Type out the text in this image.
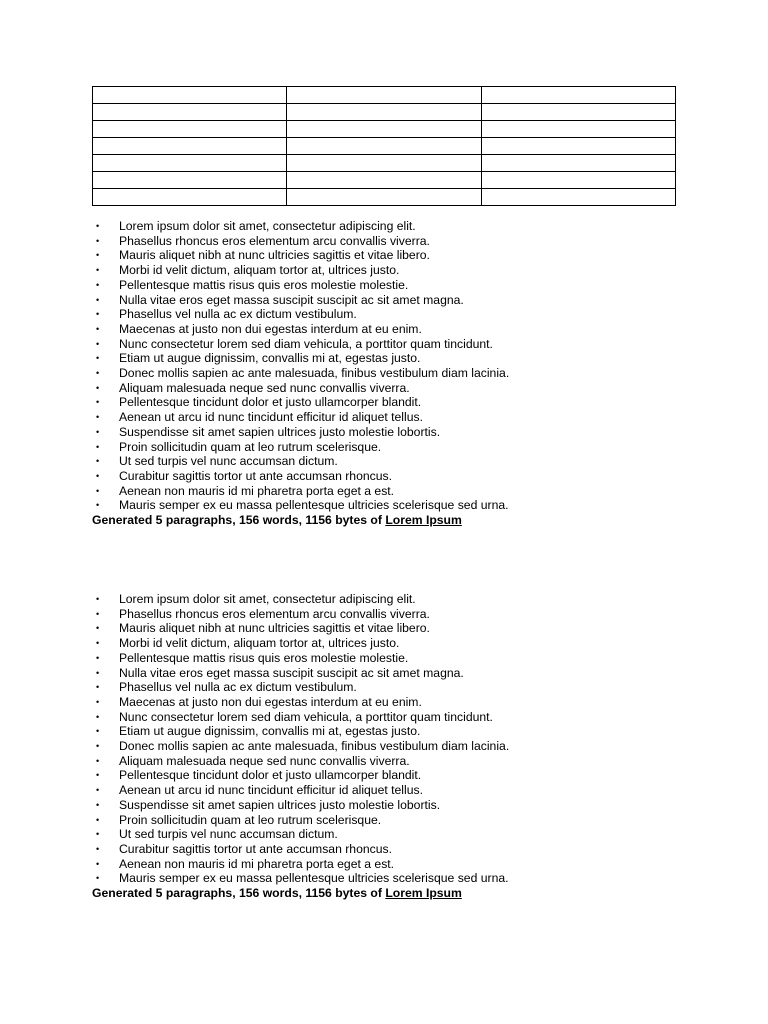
• Lorem ipsum dolor sit amet, consectetur adipiscing elit.
• Phasellus rhoncus eros elementum arcu convallis viverra.
• Mauris aliquet nibh at nunc ultricies sagittis et vitae libero.
• Morbi id velit dictum, aliquam tortor at, ultrices justo.
• Pellentesque mattis risus quis eros molestie molestie.
• Nulla vitae eros eget massa suscipit suscipit ac sit amet magna.
• Phasellus vel nulla ac ex dictum vestibulum.
• Maecenas at justo non dui egestas interdum at eu enim.
• Nunc consectetur lorem sed diam vehicula, a porttitor quam tincidunt.
• Etiam ut augue dignissim, convallis mi at, egestas justo.
• Donec mollis sapien ac ante malesuada, finibus vestibulum diam lacinia.
• Aliquam malesuada neque sed nunc convallis viverra.
• Pellentesque tincidunt dolor et justo ullamcorper blandit.
• Aenean ut arcu id nunc tincidunt efficitur id aliquet tellus.
• Suspendisse sit amet sapien ultrices justo molestie lobortis.
• Proin sollicitudin quam at leo rutrum scelerisque.
• Ut sed turpis vel nunc accumsan dictum.
• Curabitur sagittis tortor ut ante accumsan rhoncus.
• Aenean non mauris id mi pharetra porta eget a est.
• Mauris semper ex eu massa pellentesque ultricies scelerisque sed urna.
Generated 5 paragraphs, 156 words, 1156 bytes of Lorem Ipsum
• Lorem ipsum dolor sit amet, consectetur adipiscing elit.
• Phasellus rhoncus eros elementum arcu convallis viverra.
• Mauris aliquet nibh at nunc ultricies sagittis et vitae libero.
• Morbi id velit dictum, aliquam tortor at, ultrices justo.
• Pellentesque mattis risus quis eros molestie molestie.
• Nulla vitae eros eget massa suscipit suscipit ac sit amet magna.
• Phasellus vel nulla ac ex dictum vestibulum.
• Maecenas at justo non dui egestas interdum at eu enim.
• Nunc consectetur lorem sed diam vehicula, a porttitor quam tincidunt.
• Etiam ut augue dignissim, convallis mi at, egestas justo.
• Donec mollis sapien ac ante malesuada, finibus vestibulum diam lacinia.
• Aliquam malesuada neque sed nunc convallis viverra.
• Pellentesque tincidunt dolor et justo ullamcorper blandit.
• Aenean ut arcu id nunc tincidunt efficitur id aliquet tellus.
• Suspendisse sit amet sapien ultrices justo molestie lobortis.
• Proin sollicitudin quam at leo rutrum scelerisque.
• Ut sed turpis vel nunc accumsan dictum.
• Curabitur sagittis tortor ut ante accumsan rhoncus.
• Aenean non mauris id mi pharetra porta eget a est.
• Mauris semper ex eu massa pellentesque ultricies scelerisque sed urna.
Generated 5 paragraphs, 156 words, 1156 bytes of Lorem Ipsum
